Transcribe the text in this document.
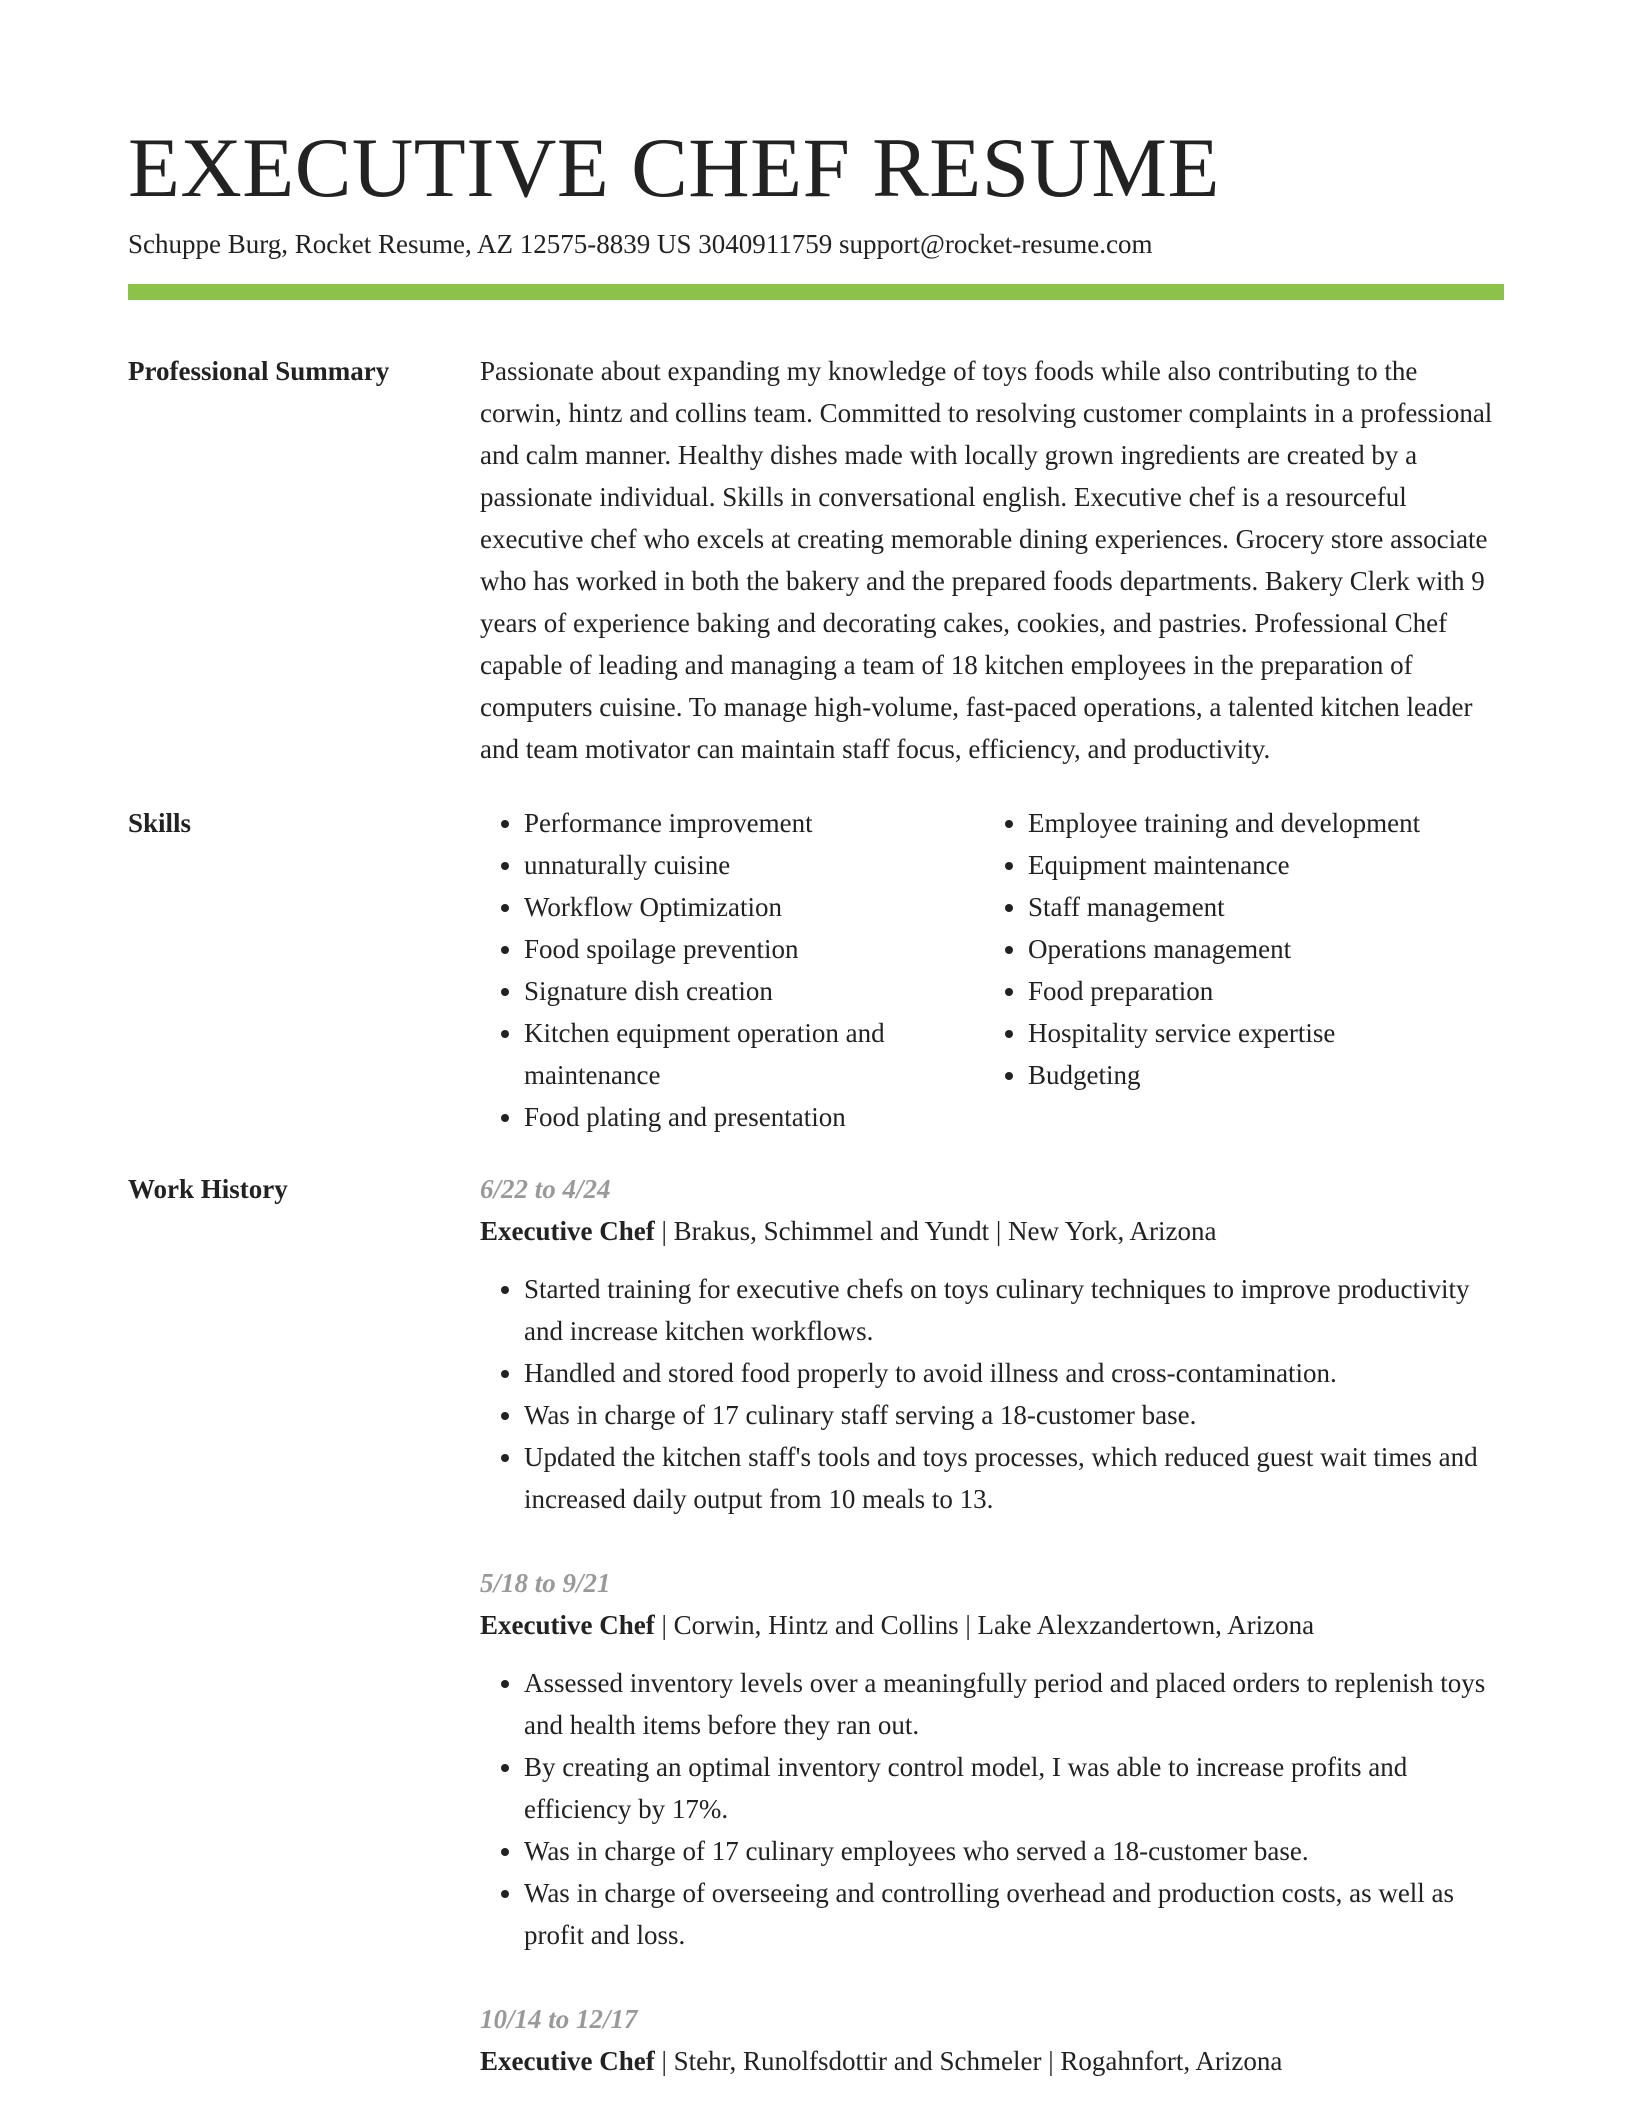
EXECUTIVE CHEF RESUME
Schuppe Burg, Rocket Resume, AZ 12575-8839 US 3040911759 support@rocket-resume.com
Professional Summary	Passionate about expanding my knowledge of toys foods while also contributing to the corwin, hintz and collins team. Committed to resolving customer complaints in a professional and calm manner. Healthy dishes made with locally grown ingredients are created by a passionate individual. Skills in conversational english. Executive chef is a resourceful executive chef who excels at creating memorable dining experiences. Grocery store associate who has worked in both the bakery and the prepared foods departments. Bakery Clerk with 9 years of experience baking and decorating cakes, cookies, and pastries. Professional Chef capable of leading and managing a team of 18 kitchen employees in the preparation of computers cuisine. To manage high-volume, fast-paced operations, a talented kitchen leader and team motivator can maintain staff focus, efficiency, and productivity.
Skills
•	Performance improvement
• unnaturally cuisine
• Workflow Optimization
• Food spoilage prevention
• Signature dish creation
• Kitchen equipment operation and maintenance
• Food plating and presentation
• Employee training and development
• Equipment maintenance
• Staff management
• Operations management
• Food preparation
• Hospitality service expertise
• Budgeting
Work History	6/22 to 4/24
Executive Chef | Brakus, Schimmel and Yundt | New York, Arizona
• Started training for executive chefs on toys culinary techniques to improve productivity and increase kitchen workflows.
• Handled and stored food properly to avoid illness and cross-contamination.
• Was in charge of 17 culinary staff serving a 18-customer base.
• Updated the kitchen staff's tools and toys processes, which reduced guest wait times and increased daily output from 10 meals to 13.
5/18 to 9/21
Executive Chef | Corwin, Hintz and Collins | Lake Alexzandertown, Arizona
• Assessed inventory levels over a meaningfully period and placed orders to replenish toys and health items before they ran out.
• By creating an optimal inventory control model, I was able to increase profits and efficiency by 17%.
• Was in charge of 17 culinary employees who served a 18-customer base.
• Was in charge of overseeing and controlling overhead and production costs, as well as profit and loss.
10/14 to 12/17
Executive Chef | Stehr, Runolfsdottir and Schmeler | Rogahnfort, Arizona
